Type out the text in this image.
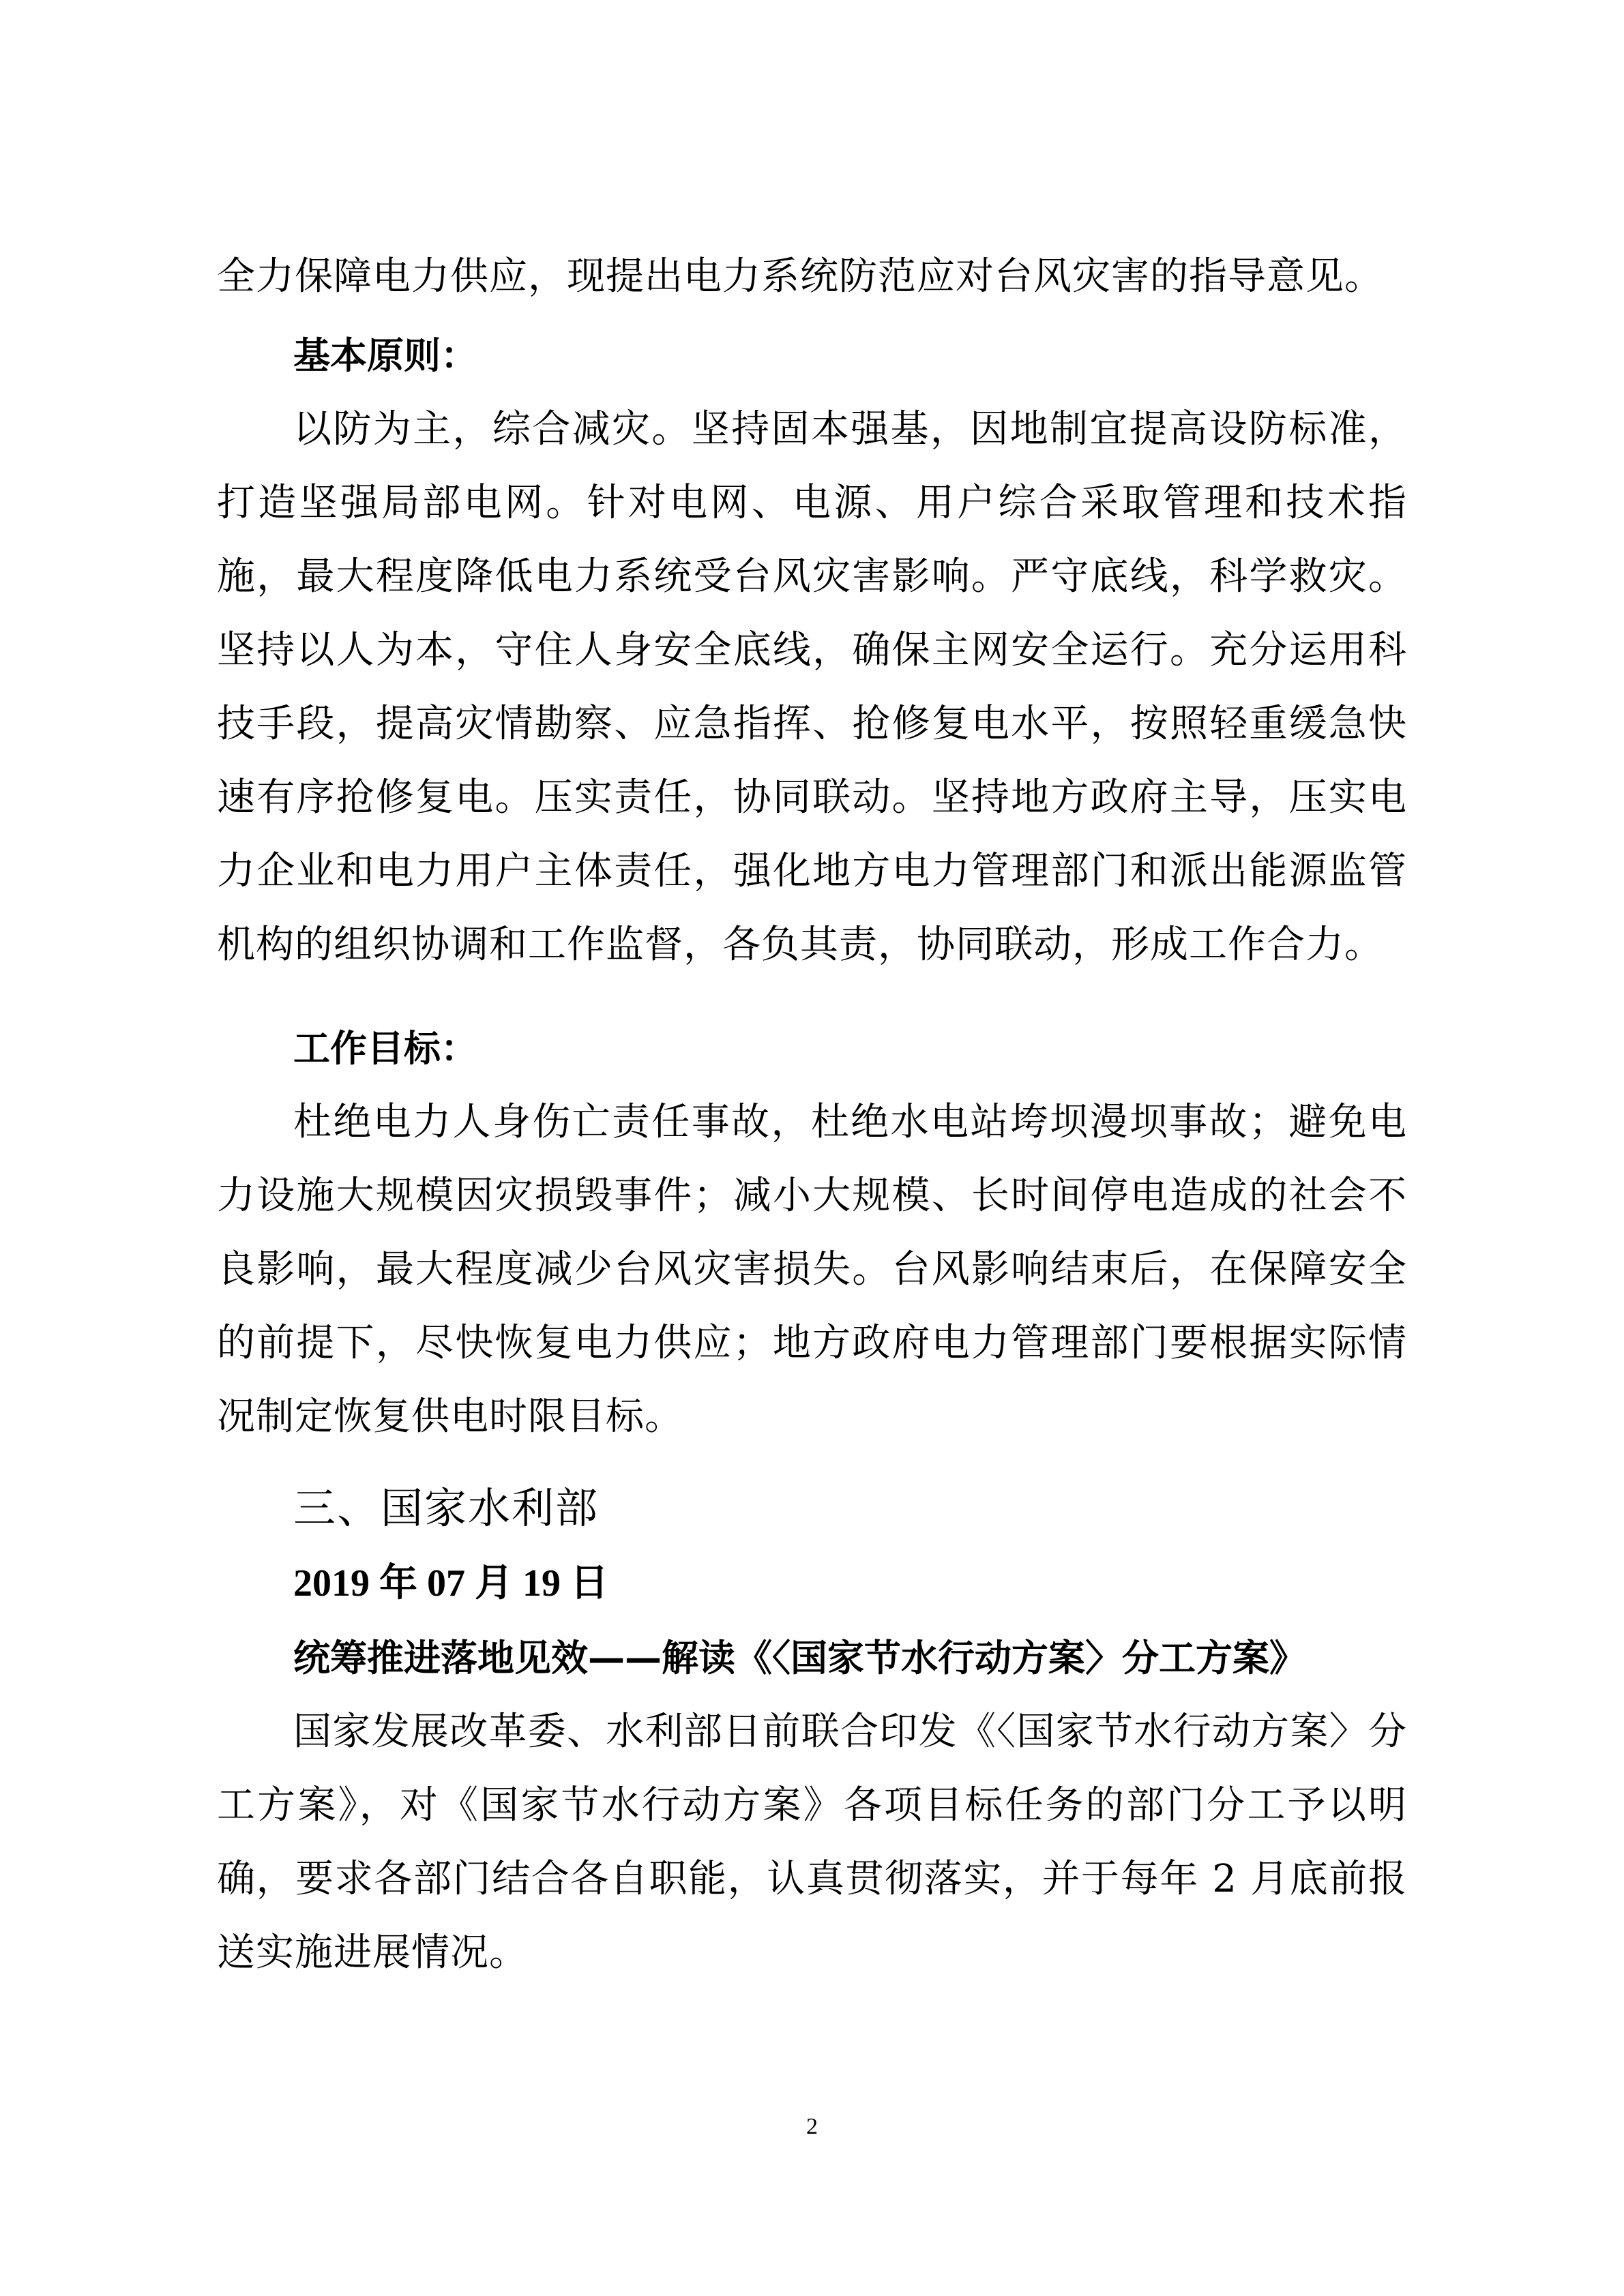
全力保障电力供应，现提出电力系统防范应对台风灾害的指导意见。

基本原则：

以防为主，综合减灾。坚持固本强基，因地制宜提高设防标准，打造坚强局部电网。针对电网、电源、用户综合采取管理和技术指施，最大程度降低电力系统受台风灾害影响。严守底线，科学救灾。坚持以人为本，守住人身安全底线，确保主网安全运行。充分运用科技手段，提高灾情勘察、应急指挥、抢修复电水平，按照轻重缓急快速有序抢修复电。压实责任，协同联动。坚持地方政府主导，压实电力企业和电力用户主体责任，强化地方电力管理部门和派出能源监管机构的组织协调和工作监督，各负其责，协同联动，形成工作合力。

工作目标：

杜绝电力人身伤亡责任事故，杜绝水电站垮坝漫坝事故；避免电力设施大规模因灾损毁事件；减小大规模、长时间停电造成的社会不良影响，最大程度减少台风灾害损失。台风影响结束后，在保障安全的前提下，尽快恢复电力供应；地方政府电力管理部门要根据实际情况制定恢复供电时限目标。

三、国家水利部

2019 年 07 月 19 日

统筹推进落地见效——解读《〈国家节水行动方案〉分工方案》

国家发展改革委、水利部日前联合印发《〈国家节水行动方案〉分工方案》，对《国家节水行动方案》各项目标任务的部门分工予以明确，要求各部门结合各自职能，认真贯彻落实，并于每年 2 月底前报送实施进展情况。

2
